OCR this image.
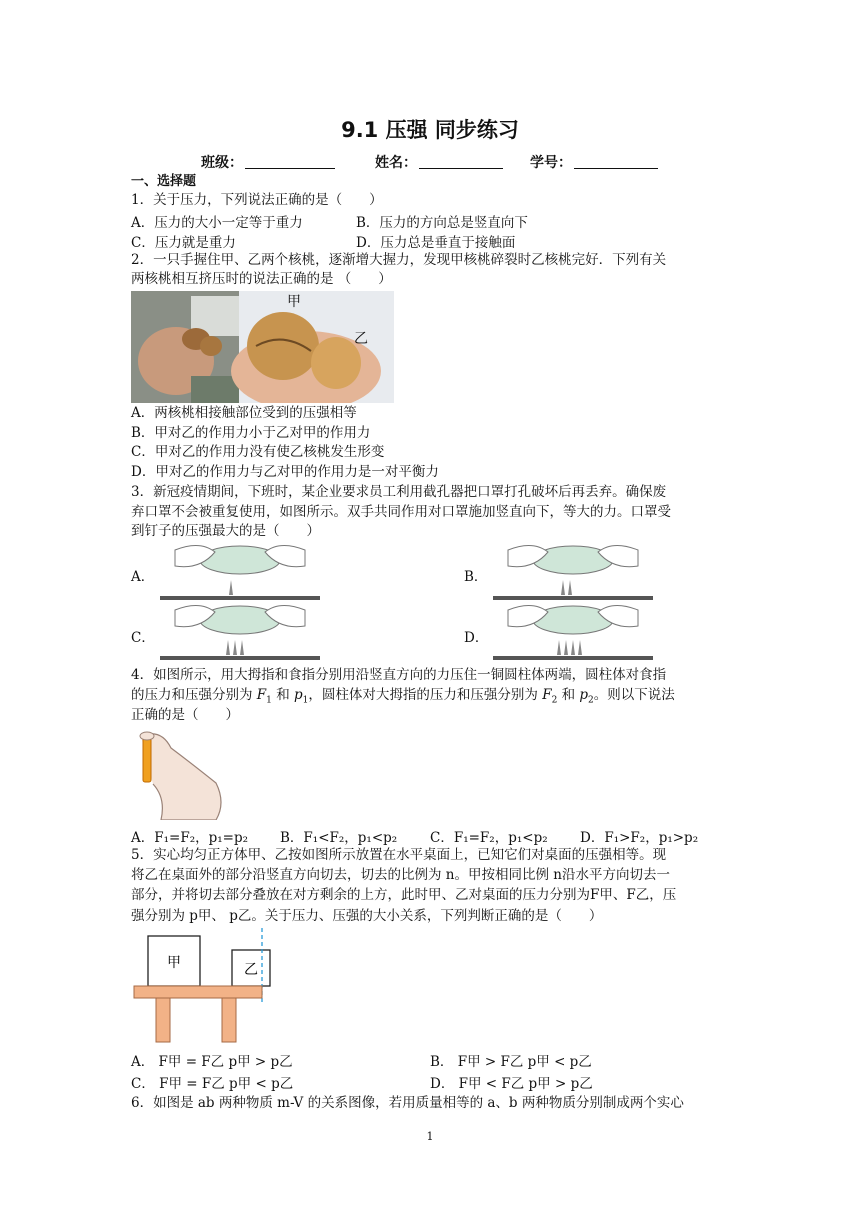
9.1 压强 同步练习
班级：	姓名：	学号：
一、选择题
1．关于压力，下列说法正确的是（　　）
A．压力的大小一定等于重力	B．压力的方向总是竖直向下
C．压力就是重力	D．压力总是垂直于接触面
2．一只手握住甲、乙两个核桃，逐渐增大握力，发现甲核桃碎裂时乙核桃完好．下列有关
两核桃相互挤压时的说法正确的是 （　　）
甲
乙
A．两核桃相接触部位受到的压强相等
B．甲对乙的作用力小于乙对甲的作用力
C．甲对乙的作用力没有使乙核桃发生形变
D．甲对乙的作用力与乙对甲的作用力是一对平衡力
3．新冠疫情期间，下班时，某企业要求员工利用截孔器把口罩打孔破坏后再丢弃。确保废
弃口罩不会被重复使用，如图所示。双手共同作用对口罩施加竖直向下，等大的力。口罩受
到钉子的压强最大的是（　　）
A．	B．
C．	D．
4．如图所示，用大拇指和食指分别用沿竖直方向的力压住一铜圆柱体两端，圆柱体对食指
的压力和压强分别为 $F_1$ 和 $p_1$，圆柱体对大拇指的压力和压强分别为 $F_2$ 和 $p_2$。则以下说法
正确的是（　　）
A．F₁=F₂，p₁=p₂ B．F₁<F₂，p₁<p₂ C．F₁=F₂，p₁<p₂ D．F₁>F₂，p₁>p₂
5．实心均匀正方体甲、乙按如图所示放置在水平桌面上，已知它们对桌面的压强相等。现
将乙在桌面外的部分沿竖直方向切去，切去的比例为 n。甲按相同比例 n沿水平方向切去一
部分，并将切去部分叠放在对方剩余的上方，此时甲、乙对桌面的压力分别为F甲、F乙，压
强分别为 p甲、 p乙。关于压力、压强的大小关系，下列判断正确的是（　　）
甲	乙
A． F甲 = F乙 p甲 > p乙	B． F甲 > F乙 p甲 < p乙
C． F甲 = F乙 p甲 < p乙	D． F甲 < F乙 p甲 > p乙
6．如图是 ab 两种物质 m-V 的关系图像，若用质量相等的 a、b 两种物质分别制成两个实心
1
